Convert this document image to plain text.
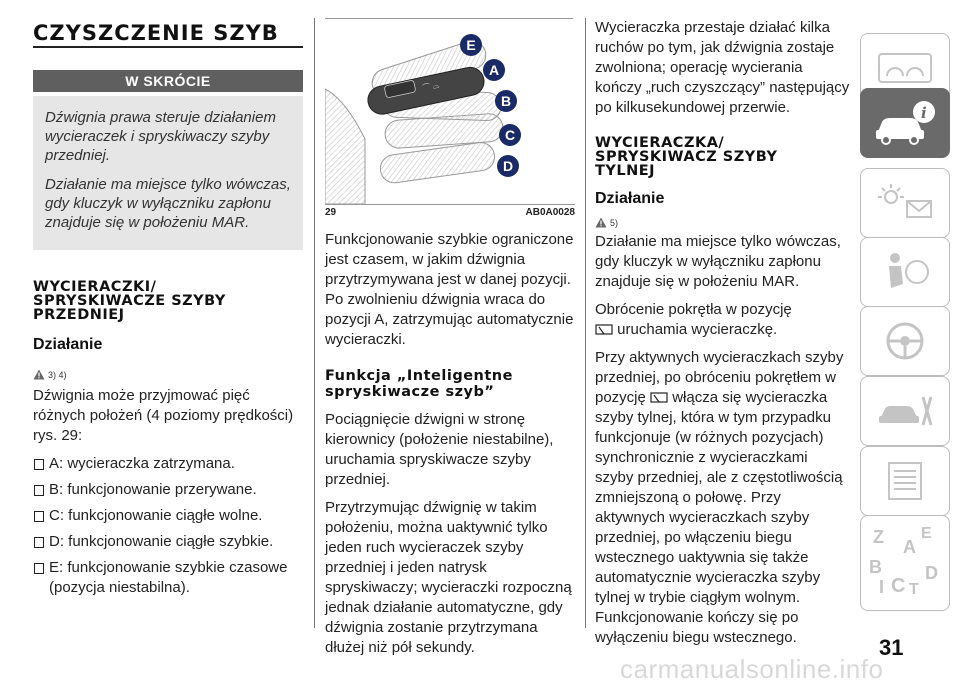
CZYSZCZENIE SZYB
W SKRÓCIE

Dźwignia prawa steruje działaniem wycieraczek i spryskiwaczy szyby przedniej.

Działanie ma miejsce tylko wówczas, gdy kluczyk w wyłączniku zapłonu znajduje się w położeniu MAR.

WYCIERACZKI/ SPRYSKIWACZE SZYBY PRZEDNIEJ
Działanie
3) 4)

Dźwignia może przyjmować pięć różnych położeń (4 poziomy prędkości) rys. 29:

A: wycieraczka zatrzymana.
B: funkcjonowanie przerywane.
C: funkcjonowanie ciągłe wolne.
D: funkcjonowanie ciągłe szybkie.
E: funkcjonowanie szybkie czasowe (pozycja niestabilna).
⌒ ⌓
E
A
B
C
D
29	AB0A0028

Funkcjonowanie szybkie ograniczone jest czasem, w jakim dźwignia przytrzymywana jest w danej pozycji. Po zwolnieniu dźwignia wraca do pozycji A, zatrzymując automatycznie wycieraczki.

Funkcja „Inteligentne spryskiwacze szyb”

Pociągnięcie dźwigni w stronę kierownicy (położenie niestabilne), uruchamia spryskiwacze szyby przedniej.

Przytrzymując dźwignię w takim położeniu, można uaktywnić tylko jeden ruch wycieraczek szyby przedniej i jeden natrysk spryskiwaczy; wycieraczki rozpoczną jednak działanie automatyczne, gdy dźwignia zostanie przytrzymana dłużej niż pół sekundy.

Wycieraczka przestaje działać kilka ruchów po tym, jak dźwignia zostaje zwolniona; operację wycierania kończy „ruch czyszczący” następujący po kilkusekundowej przerwie.

WYCIERACZKA/ SPRYSKIWACZ SZYBY TYLNEJ
Działanie
5)

Działanie ma miejsce tylko wówczas, gdy kluczyk w wyłączniku zapłonu znajduje się w położeniu MAR.

Obrócenie pokrętła w pozycję
uruchamia wycieraczkę.

Przy aktywnych wycieraczkach szyby przedniej, po obróceniu pokrętłem w pozycję włącza się wycieraczka szyby tylnej, która w tym przypadku funkcjonuje (w różnych pozycjach) synchronicznie z wycieraczkami szyby przedniej, ale z częstotliwością zmniejszoną o połowę. Przy aktywnych wycieraczkach szyby przedniej, po włączeniu biegu wstecznego uaktywnia się także automatycznie wycieraczka szyby tylnej w trybie ciągłym wolnym. Funkcjonowanie kończy się po wyłączeniu biegu wstecznego.

i
Z E
A
B
I C T
D
31
carmanualsonline.info
